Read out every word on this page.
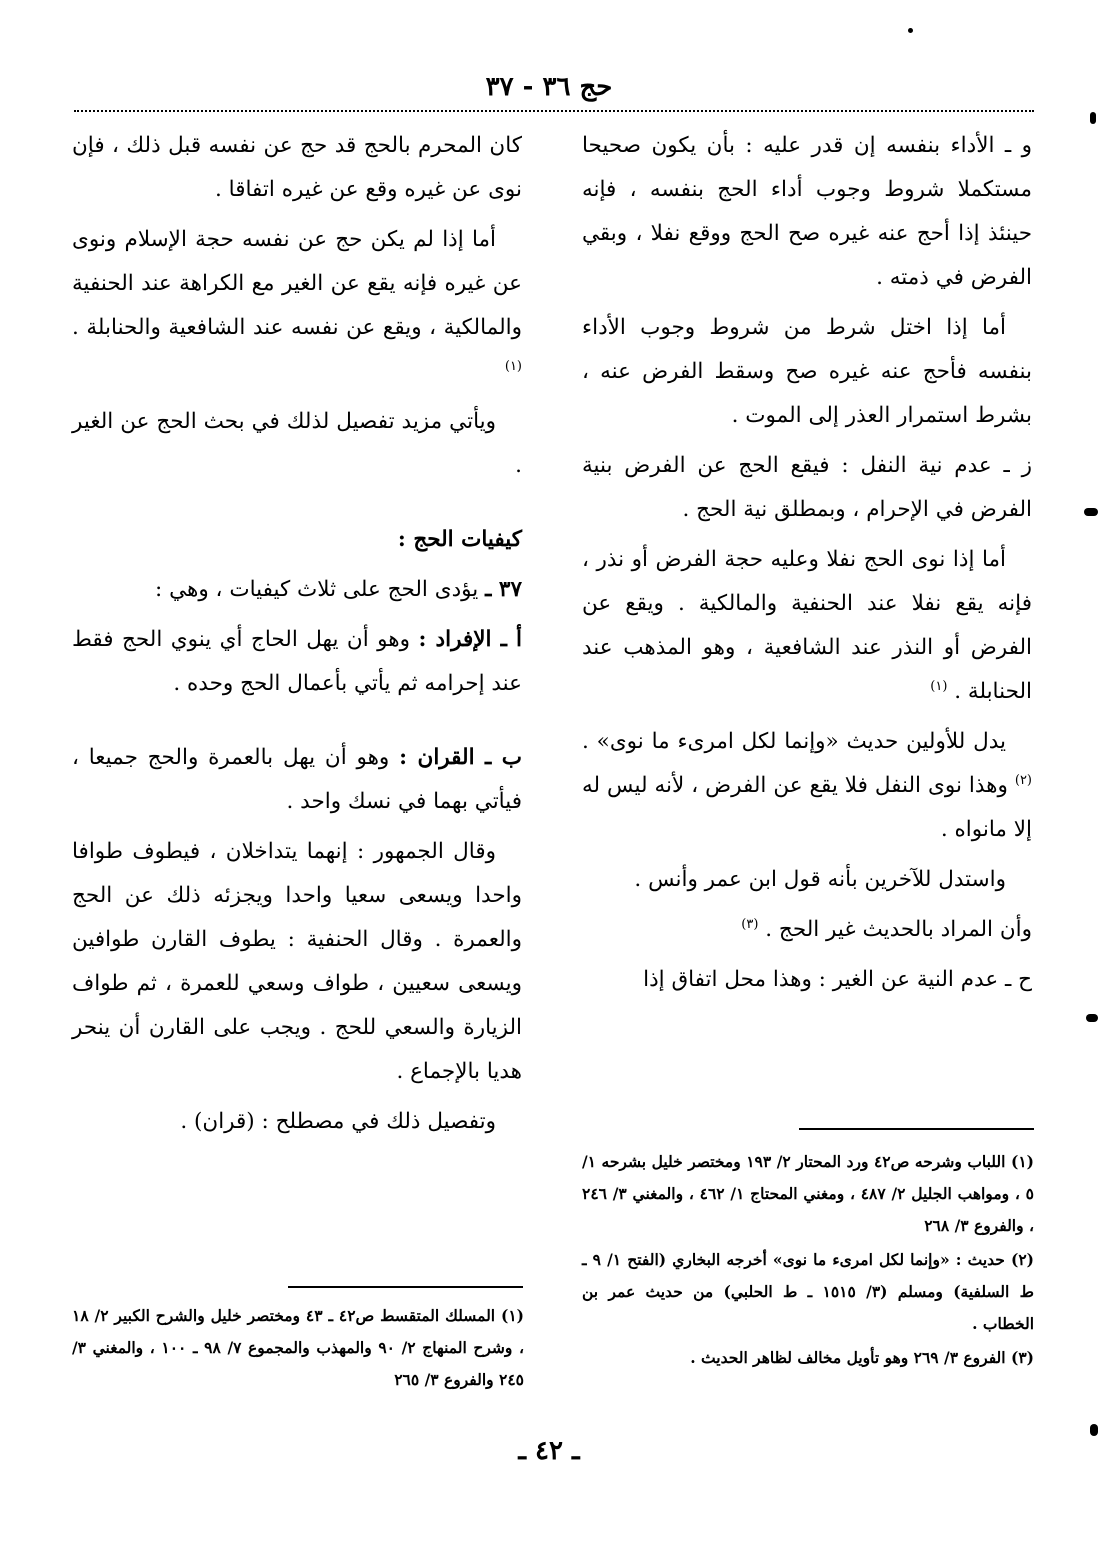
حج ٣٦ - ٣٧

و ـ الأداء بنفسه إن قدر عليه : بأن يكون صحيحا مستكملا شروط وجوب أداء الحج بنفسه ، فإنه حينئذ إذا أحج عنه غيره صح الحج ووقع نفلا ، وبقي الفرض في ذمته .

أما إذا اختل شرط من شروط وجوب الأداء بنفسه فأحج عنه غيره صح وسقط الفرض عنه ، بشرط استمرار العذر إلى الموت .

ز ـ عدم نية النفل : فيقع الحج عن الفرض بنية الفرض في الإحرام ، وبمطلق نية الحج .

أما إذا نوى الحج نفلا وعليه حجة الفرض أو نذر ، فإنه يقع نفلا عند الحنفية والمالكية . ويقع عن الفرض أو النذر عند الشافعية ، وهو المذهب عند الحنابلة . $^{(١)}$

يدل للأولين حديث «وإنما لكل امرىء ما نوى» . $^{(٢)}$ وهذا نوى النفل فلا يقع عن الفرض ، لأنه ليس له إلا مانواه .

واستدل للآخرين بأنه قول ابن عمر وأنس .

وأن المراد بالحديث غير الحج . $^{(٣)}$

ح ـ عدم النية عن الغير : وهذا محل اتفاق إذا

(١) اللباب وشرحه ص٤٢ ورد المحتار ٢/ ١٩٣ ومختصر خليل بشرحه ١/ ٥ ، ومواهب الجليل ٢/ ٤٨٧ ، ومغني المحتاج ١/ ٤٦٢ ، والمغني ٣/ ٢٤٦ ، والفروع ٣/ ٢٦٨

(٢) حديث : «وإنما لكل امرىء ما نوى» أخرجه البخاري (الفتح ١/ ٩ ـ ط السلفية) ومسلم (٣/ ١٥١٥ ـ ط الحلبي) من حديث عمر بن الخطاب .

(٣) الفروع ٣/ ٢٦٩ وهو تأويل مخالف لظاهر الحديث .

كان المحرم بالحج قد حج عن نفسه قبل ذلك ، فإن نوى عن غيره وقع عن غيره اتفاقا .

أما إذا لم يكن حج عن نفسه حجة الإسلام ونوى عن غيره فإنه يقع عن الغير مع الكراهة عند الحنفية والمالكية ، ويقع عن نفسه عند الشافعية والحنابلة . $^{(١)}$

ويأتي مزيد تفصيل لذلك في بحث الحج عن الغير .

كيفيات الحج :

٣٧ ـ يؤدى الحج على ثلاث كيفيات ، وهي :

أ ـ الإفراد : وهو أن يهل الحاج أي ينوي الحج فقط عند إحرامه ثم يأتي بأعمال الحج وحده .

ب ـ القران : وهو أن يهل بالعمرة والحج جميعا ، فيأتي بهما في نسك واحد .

وقال الجمهور : إنهما يتداخلان ، فيطوف طوافا واحدا ويسعى سعيا واحدا ويجزئه ذلك عن الحج والعمرة . وقال الحنفية : يطوف القارن طوافين ويسعى سعيين ، طواف وسعي للعمرة ، ثم طواف الزيارة والسعي للحج . ويجب على القارن أن ينحر هديا بالإجماع .

وتفصيل ذلك في مصطلح : (قران) .

(١) المسلك المتقسط ص٤٢ ـ ٤٣ ومختصر خليل والشرح الكبير ٢/ ١٨ ، وشرح المنهاج ٢/ ٩٠ والمهذب والمجموع ٧/ ٩٨ ـ ١٠٠ ، والمغني ٣/ ٢٤٥ والفروع ٣/ ٢٦٥

ـ ٤٢ ـ
